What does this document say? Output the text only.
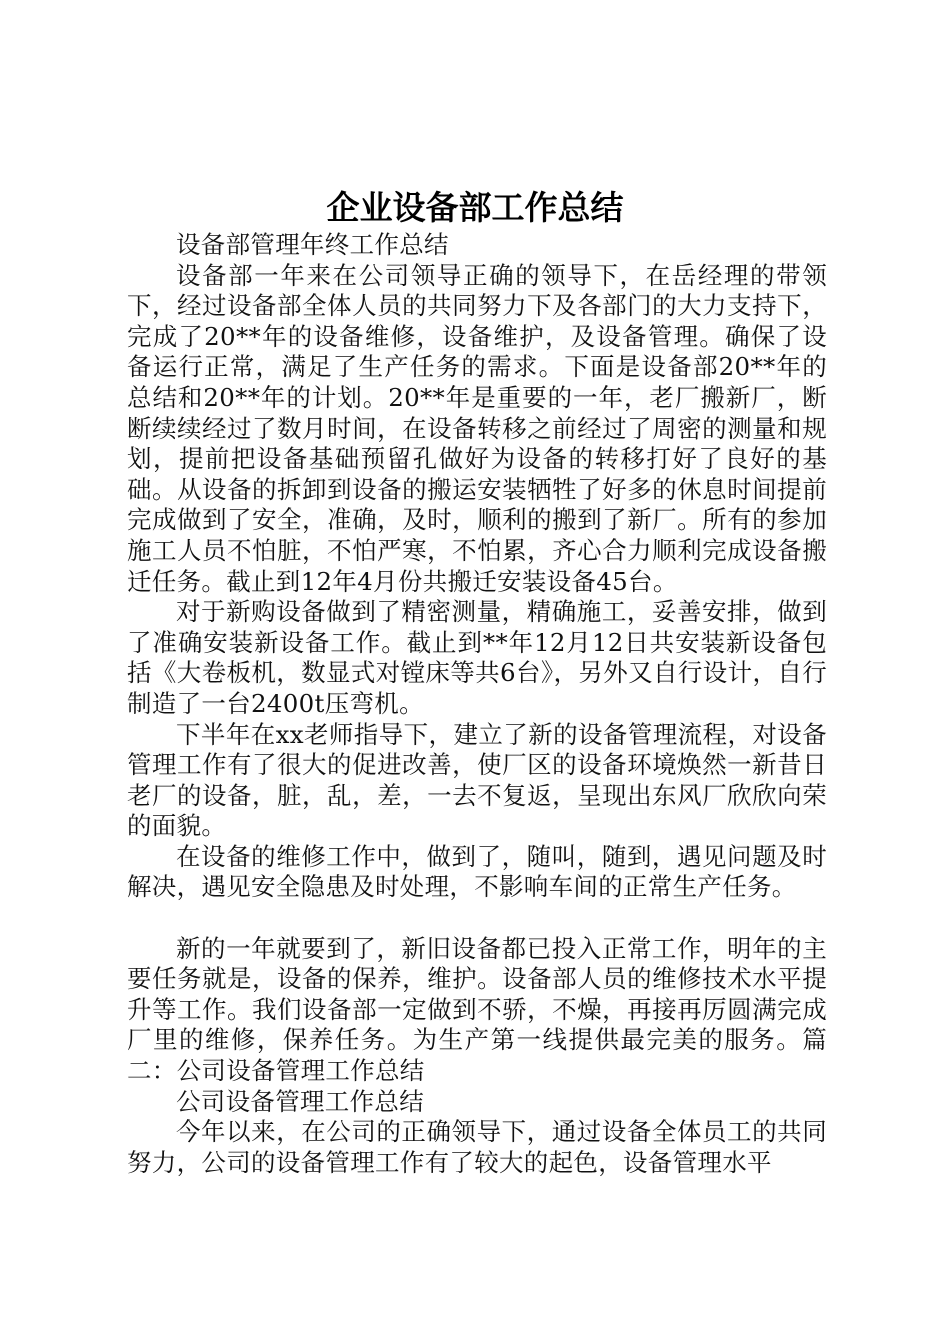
企业设备部工作总结

设备部管理年终工作总结

设备部一年来在公司领导正确的领导下，在岳经理的带领下，经过设备部全体人员的共同努力下及各部门的大力支持下，完成了20**年的设备维修，设备维护，及设备管理。确保了设备运行正常，满足了生产任务的需求。下面是设备部20**年的总结和20**年的计划。20**年是重要的一年，老厂搬新厂，断断续续经过了数月时间，在设备转移之前经过了周密的测量和规划，提前把设备基础预留孔做好为设备的转移打好了良好的基础。从设备的拆卸到设备的搬运安装牺牲了好多的休息时间提前完成做到了安全，准确，及时，顺利的搬到了新厂。所有的参加施工人员不怕脏，不怕严寒，不怕累，齐心合力顺利完成设备搬迁任务。截止到12年4月份共搬迁安装设备45台。

对于新购设备做到了精密测量，精确施工，妥善安排，做到了准确安装新设备工作。截止到**年12月12日共安装新设备包括《大卷板机，数显式对镗床等共6台》，另外又自行设计，自行制造了一台2400t压弯机。

下半年在xx老师指导下，建立了新的设备管理流程，对设备管理工作有了很大的促进改善，使厂区的设备环境焕然一新昔日老厂的设备，脏，乱，差，一去不复返，呈现出东风厂欣欣向荣的面貌。

在设备的维修工作中，做到了，随叫，随到，遇见问题及时解决，遇见安全隐患及时处理，不影响车间的正常生产任务。

新的一年就要到了，新旧设备都已投入正常工作，明年的主要任务就是，设备的保养，维护。设备部人员的维修技术水平提升等工作。我们设备部一定做到不骄，不燥，再接再厉圆满完成厂里的维修，保养任务。为生产第一线提供最完美的服务。篇二：公司设备管理工作总结

公司设备管理工作总结

今年以来，在公司的正确领导下，通过设备全体员工的共同努力，公司的设备管理工作有了较大的起色，设备管理水平
